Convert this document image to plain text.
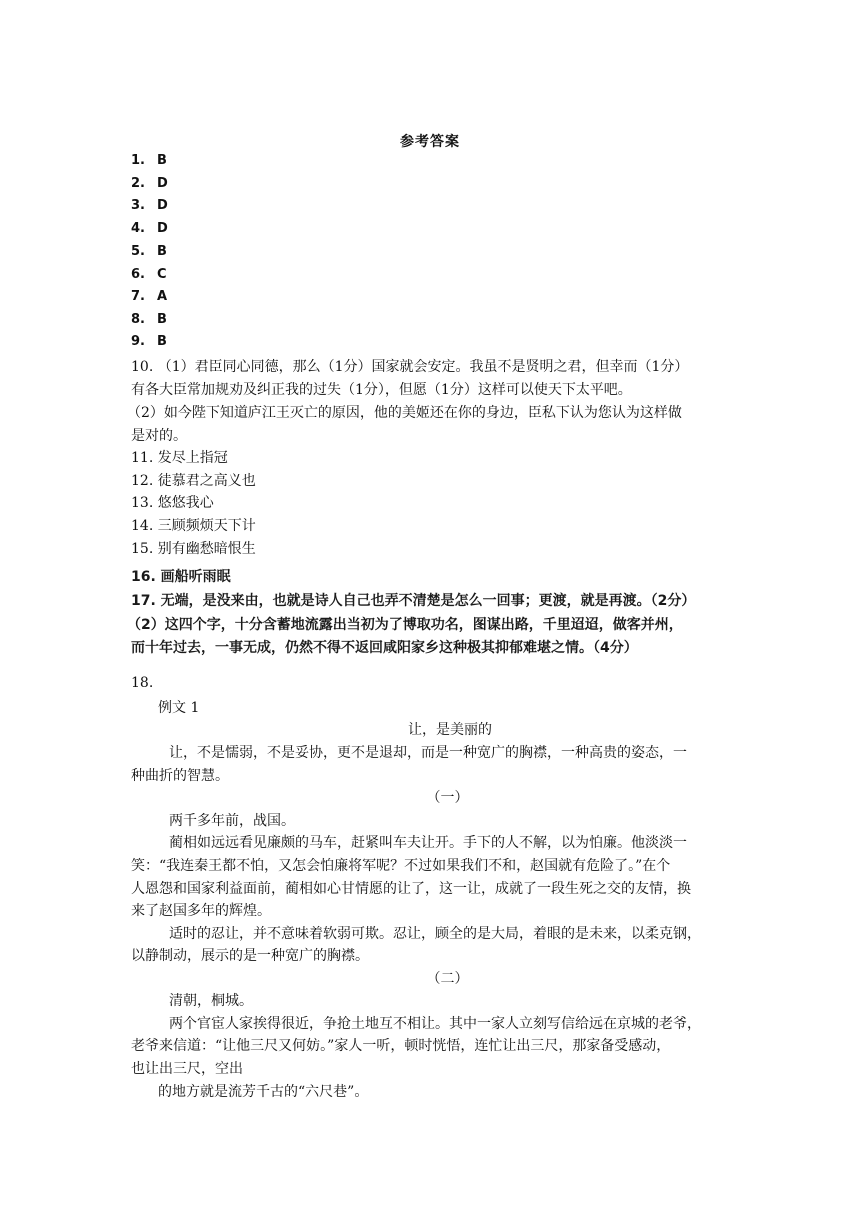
参考答案
1. B
2. D
3. D
4. D
5. B
6. C
7. A
8. B
9. B
10. （1）君臣同心同德，那么（1分）国家就会安定。我虽不是贤明之君，但幸而（1分）
有各大臣常加规劝及纠正我的过失（1分），但愿（1分）这样可以使天下太平吧。
（2）如今陛下知道庐江王灭亡的原因，他的美姬还在你的身边，臣私下认为您认为这样做
是对的。
11. 发尽上指冠
12. 徒慕君之高义也
13. 悠悠我心
14. 三顾频烦天下计
15. 别有幽愁暗恨生
16. 画船听雨眠
17. 无端，是没来由，也就是诗人自己也弄不清楚是怎么一回事；更渡，就是再渡。（2分）
（2）这四个字，十分含蓄地流露出当初为了博取功名，图谋出路，千里迢迢，做客并州，
而十年过去，一事无成，仍然不得不返回咸阳家乡这种极其抑郁难堪之情。（4分）
18.
例文 1
让，是美丽的
让，不是懦弱，不是妥协，更不是退却，而是一种宽广的胸襟，一种高贵的姿态，一
种曲折的智慧。
（一）
两千多年前，战国。
蔺相如远远看见廉颇的马车，赶紧叫车夫让开。手下的人不解，以为怕廉。他淡淡一
笑：“我连秦王都不怕，又怎会怕廉将军呢？不过如果我们不和，赵国就有危险了。”在个
人恩怨和国家利益面前，蔺相如心甘情愿的让了，这一让，成就了一段生死之交的友情，换
来了赵国多年的辉煌。
适时的忍让，并不意味着软弱可欺。忍让，顾全的是大局，着眼的是未来，以柔克钢，
以静制动，展示的是一种宽广的胸襟。
（二）
清朝，桐城。
两个官宦人家挨得很近，争抢土地互不相让。其中一家人立刻写信给远在京城的老爷，
老爷来信道：“让他三尺又何妨。”家人一听，顿时恍悟，连忙让出三尺，那家备受感动，
也让出三尺，空出
的地方就是流芳千古的“六尺巷”。
